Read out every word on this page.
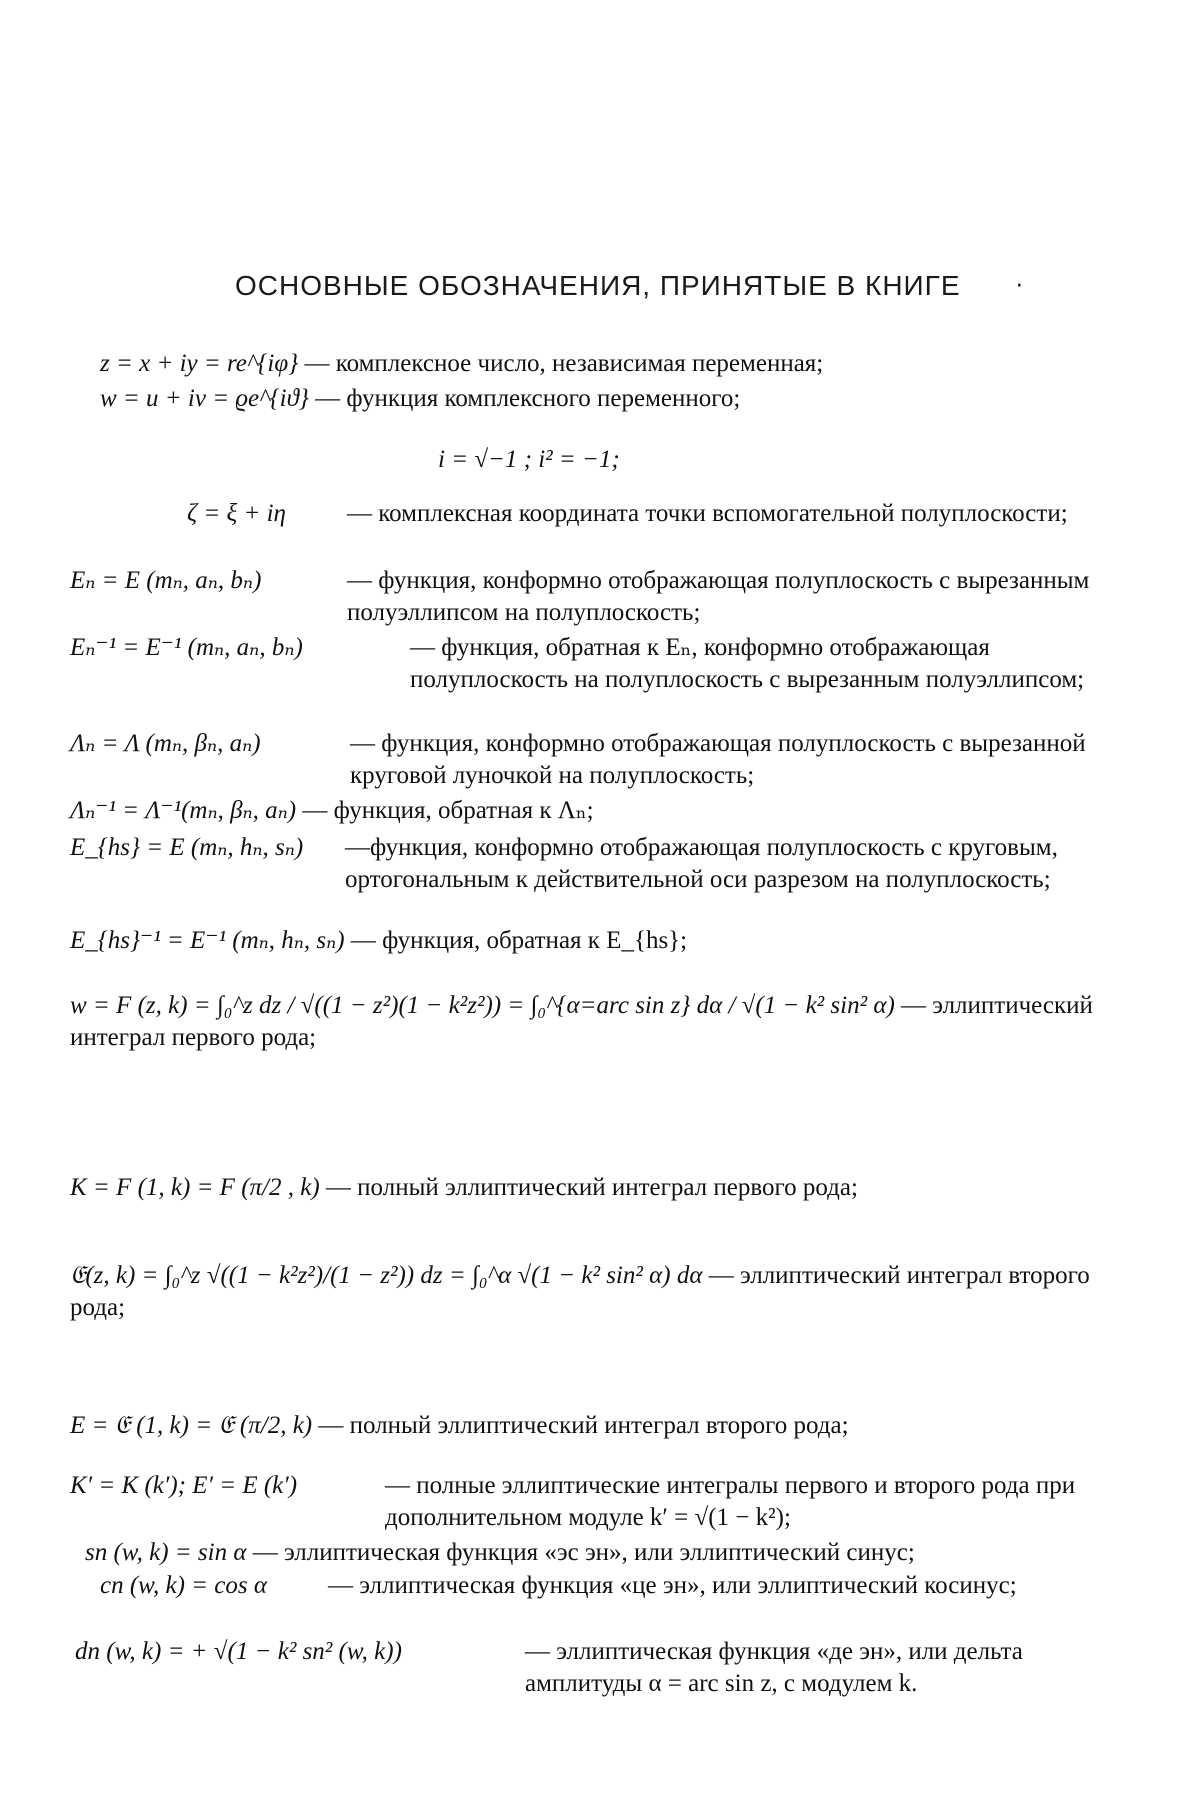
ОСНОВНЫЕ ОБОЗНАЧЕНИЯ, ПРИНЯТЫЕ В КНИГЕ ·
z = x + iy = re^{iφ} — комплексное число, независимая переменная;
w = u + iv = ϱe^{iϑ} — функция комплексного переменного;
i = √−1 ; i² = −1;
ζ = ξ + iη — комплексная координата точки вспомогательной полуплоскости;
Eₙ = E (mₙ, aₙ, bₙ)	— функция, конформно отображающая полуплоскость с вырезанным полуэллипсом на полуплоскость;
Eₙ⁻¹ = E⁻¹ (mₙ, aₙ, bₙ)	— функция, обратная к Eₙ, конформно отображающая полуплоскость на полуплоскость с вырезанным полуэллипсом;
Λₙ = Λ (mₙ, βₙ, aₙ)	— функция, конформно отображающая полуплоскость с вырезанной круговой луночкой на полуплоскость;
Λₙ⁻¹ = Λ⁻¹(mₙ, βₙ, aₙ) — функция, обратная к Λₙ;
E_{hs} = E (mₙ, hₙ, sₙ) —функция, конформно отображающая полуплоскость с круговым, ортогональным к действительной оси разрезом на полуплоскость;
E_{hs}⁻¹ = E⁻¹ (mₙ, hₙ, sₙ) — функция, обратная к E_{hs};
w = F (z, k) = ∫₀^z dz / √((1 − z²)(1 − k²z²)) = ∫₀^{α=arc sin z} dα / √(1 − k² sin² α) — эллиптический интеграл первого рода;
K = F (1, k) = F (π/2 , k) — полный эллиптический интеграл первого рода;
𝔈(z, k) = ∫₀^z √((1 − k²z²)/(1 − z²)) dz = ∫₀^α √(1 − k² sin² α) dα — эллиптический интеграл второго рода;
E = 𝔈 (1, k) = 𝔈 (π/2, k) — полный эллиптический интеграл второго рода;
K′ = K (k′); E′ = E (k′)	— полные эллиптические интегралы первого и второго рода при дополнительном модуле k′ = √(1 − k²);
sn (w, k) = sin α — эллиптическая функция «эс эн», или эллиптический синус;
cn (w, k) = cos α — эллиптическая функция «це эн», или эллиптический косинус;
dn (w, k) = + √(1 − k² sn² (w, k))	— эллиптическая функция «де эн», или дельта амплитуды α = arc sin z, с модулем k.
